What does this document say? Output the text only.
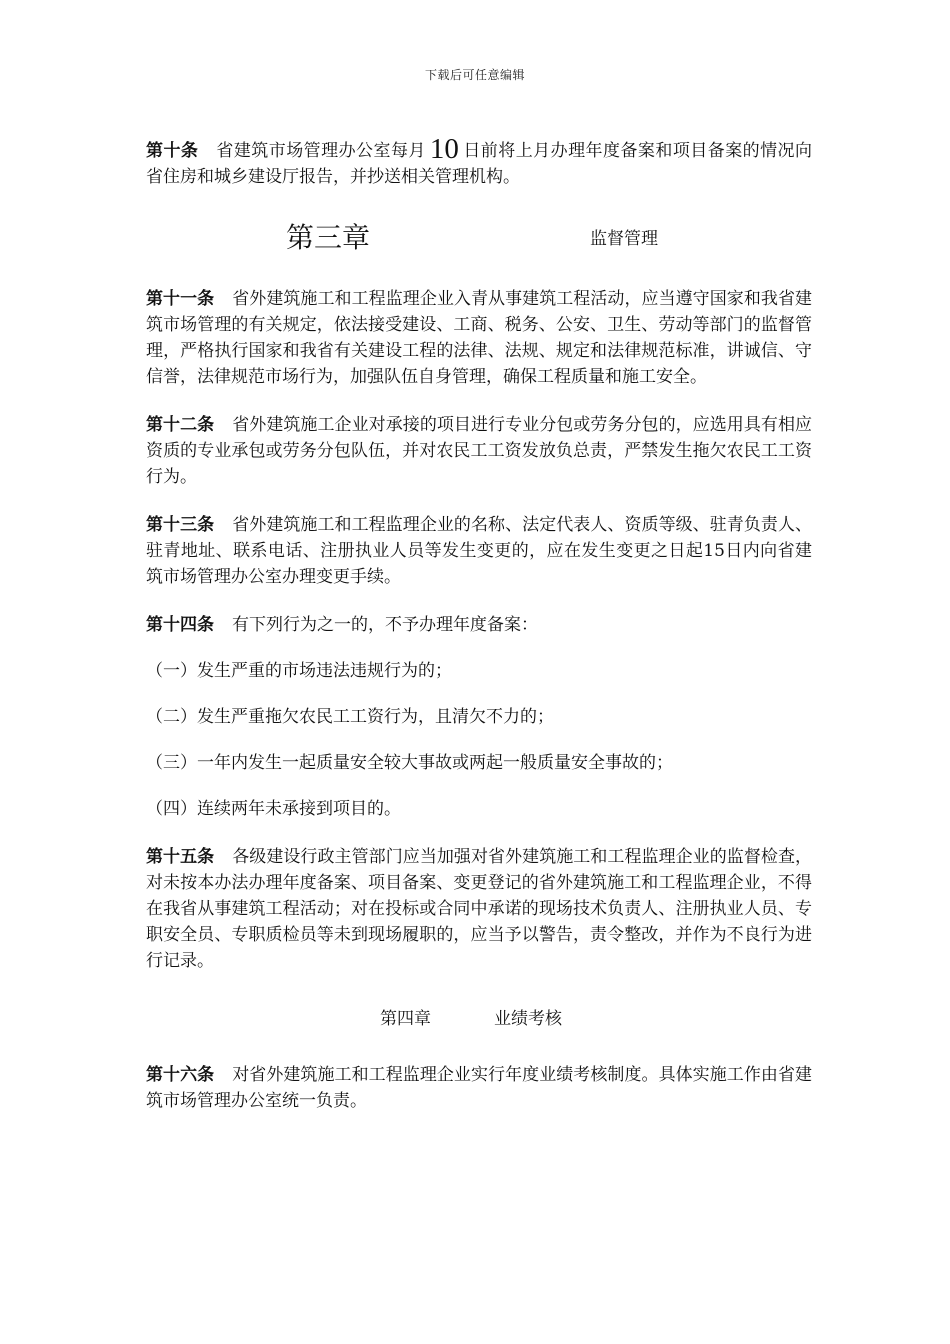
下载后可任意编辑

第十条 省建筑市场管理办公室每月 10 日前将上月办理年度备案和项目备案的情况向省住房和城乡建设厅报告，并抄送相关管理机构。

第三章	监督管理

第十一条 省外建筑施工和工程监理企业入青从事建筑工程活动，应当遵守国家和我省建筑市场管理的有关规定，依法接受建设、工商、税务、公安、卫生、劳动等部门的监督管理，严格执行国家和我省有关建设工程的法律、法规、规定和法律规范标准，讲诚信、守信誉，法律规范市场行为，加强队伍自身管理，确保工程质量和施工安全。

第十二条 省外建筑施工企业对承接的项目进行专业分包或劳务分包的，应选用具有相应资质的专业承包或劳务分包队伍，并对农民工工资发放负总责，严禁发生拖欠农民工工资行为。

第十三条 省外建筑施工和工程监理企业的名称、法定代表人、资质等级、驻青负责人、驻青地址、联系电话、注册执业人员等发生变更的，应在发生变更之日起15日内向省建筑市场管理办公室办理变更手续。

第十四条 有下列行为之一的，不予办理年度备案：

（一）发生严重的市场违法违规行为的；

（二）发生严重拖欠农民工工资行为，且清欠不力的；

（三）一年内发生一起质量安全较大事故或两起一般质量安全事故的；

（四）连续两年未承接到项目的。

第十五条 各级建设行政主管部门应当加强对省外建筑施工和工程监理企业的监督检查，对未按本办法办理年度备案、项目备案、变更登记的省外建筑施工和工程监理企业，不得在我省从事建筑工程活动；对在投标或合同中承诺的现场技术负责人、注册执业人员、专职安全员、专职质检员等未到现场履职的，应当予以警告，责令整改，并作为不良行为进行记录。

第四章	业绩考核

第十六条 对省外建筑施工和工程监理企业实行年度业绩考核制度。具体实施工作由省建筑市场管理办公室统一负责。
